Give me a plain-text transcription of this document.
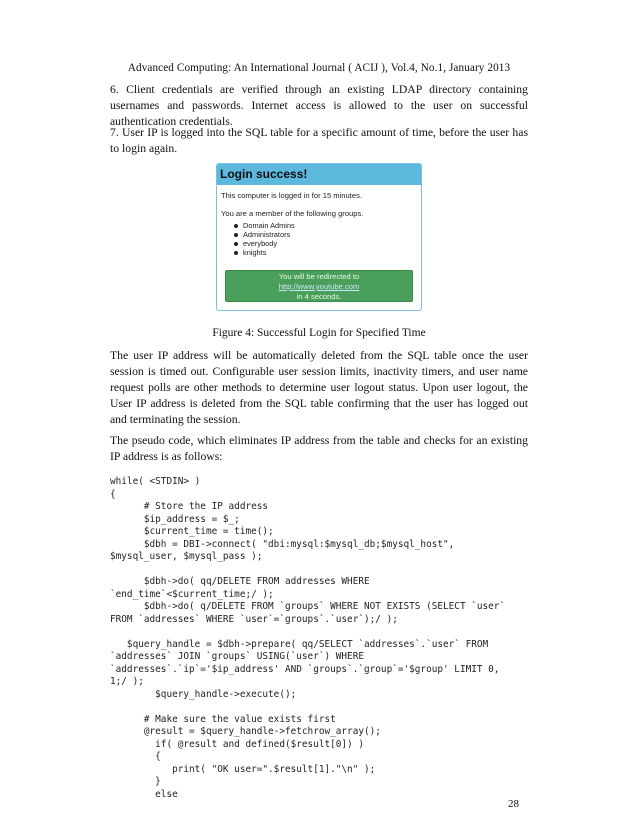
Advanced Computing: An International Journal ( ACIJ ), Vol.4, No.1, January 2013

6. Client credentials are verified through an existing LDAP directory containing usernames and passwords. Internet access is allowed to the user on successful authentication credentials.

7. User IP is logged into the SQL table for a specific amount of time, before the user has to login again.

Login success!
This computer is logged in for 15 minutes.
You are a member of the following groups.
Domain Admins
Administrators
everybody
knights
You will be redirected to
http://www.youtube.com
in 4 seconds.
Figure 4: Successful Login for Specified Time

The user IP address will be automatically deleted from the SQL table once the user session is timed out. Configurable user session limits, inactivity timers, and user name request polls are other methods to determine user logout status. Upon user logout, the User IP address is deleted from the SQL table confirming that the user has logged out and terminating the session.

The pseudo code, which eliminates IP address from the table and checks for an existing IP address is as follows:

while( <STDIN> )
{
# Store the IP address
$ip_address = $_;
$current_time = time();
$dbh = DBI->connect( "dbi:mysql:$mysql_db;$mysql_host",
$mysql_user, $mysql_pass );
$dbh->do( qq/DELETE FROM addresses WHERE
`end_time`<$current_time;/ );
$dbh->do( q/DELETE FROM `groups` WHERE NOT EXISTS (SELECT `user`
FROM `addresses` WHERE `user`=`groups`.`user`);/ );
$query_handle = $dbh->prepare( qq/SELECT `addresses`.`user` FROM
`addresses` JOIN `groups` USING(`user`) WHERE
`addresses`.`ip`='$ip_address' AND `groups`.`group`='$group' LIMIT 0,
1;/ );
$query_handle->execute();
# Make sure the value exists first
@result = $query_handle->fetchrow_array();
if( @result and defined($result[0]) )
{
print( "OK user=".$result[1]."\n" );
}
else
28
